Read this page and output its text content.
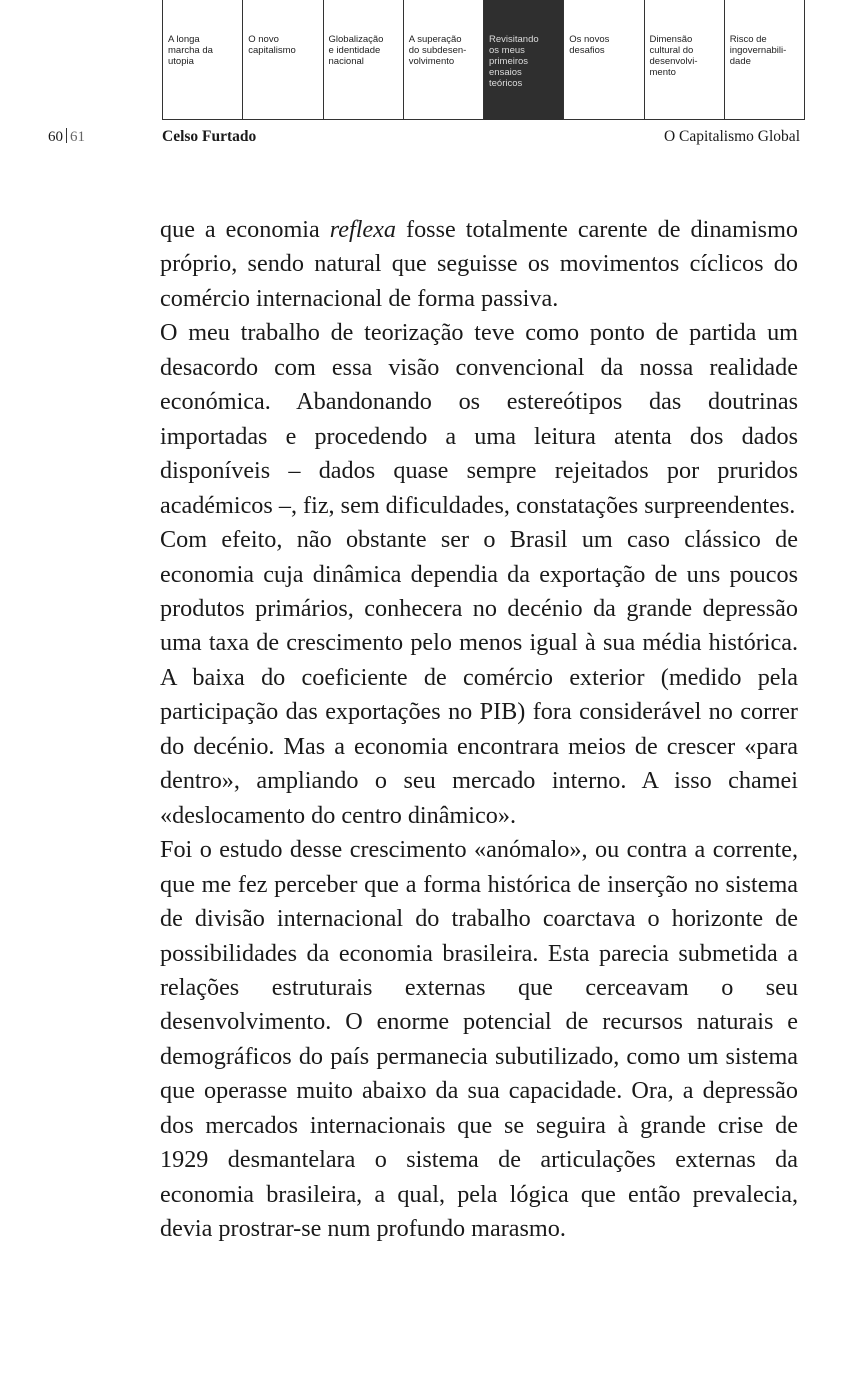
A longa
marcha da
utopia
O novo
capitalismo
Globalização
e identidade
nacional
A superação
do subdesen-
volvimento
Revisitando
os meus
primeiros
ensaios
teóricos
Os novos
desafios
Dimensão
cultural do
desenvolvi-
mento
Risco de
ingovernabili-
dade
60 61	Celso Furtado	O Capitalismo Global

que a economia reflexa fosse totalmente carente de dinamismo próprio, sendo natural que seguisse os movimentos cíclicos do comércio internacional de forma passiva.

O meu trabalho de teorização teve como ponto de partida um desacordo com essa visão convencional da nossa realidade económica. Abandonando os estereótipos das doutrinas importadas e procedendo a uma leitura atenta dos dados disponíveis – dados quase sempre rejeitados por pruridos académicos –, fiz, sem dificuldades, constatações surpreendentes.

Com efeito, não obstante ser o Brasil um caso clássico de economia cuja dinâmica dependia da exportação de uns poucos produtos primários, conhecera no decénio da grande depressão uma taxa de crescimento pelo menos igual à sua média histórica. A baixa do coeficiente de comércio exterior (medido pela participação das exportações no PIB) fora considerável no correr do decénio. Mas a economia encontrara meios de crescer «para dentro», ampliando o seu mercado interno. A isso chamei «deslocamento do centro dinâmico».

Foi o estudo desse crescimento «anómalo», ou contra a corrente, que me fez perceber que a forma histórica de inserção no sistema de divisão internacional do trabalho coarctava o horizonte de possibilidades da economia brasileira. Esta parecia submetida a relações estruturais externas que cerceavam o seu desenvolvimento. O enorme potencial de recursos naturais e demográficos do país permanecia subutilizado, como um sistema que operasse muito abaixo da sua capacidade. Ora, a depressão dos mercados internacionais que se seguira à grande crise de 1929 desmantelara o sistema de articulações externas da economia brasileira, a qual, pela lógica que então prevalecia, devia prostrar-se num profundo marasmo.
